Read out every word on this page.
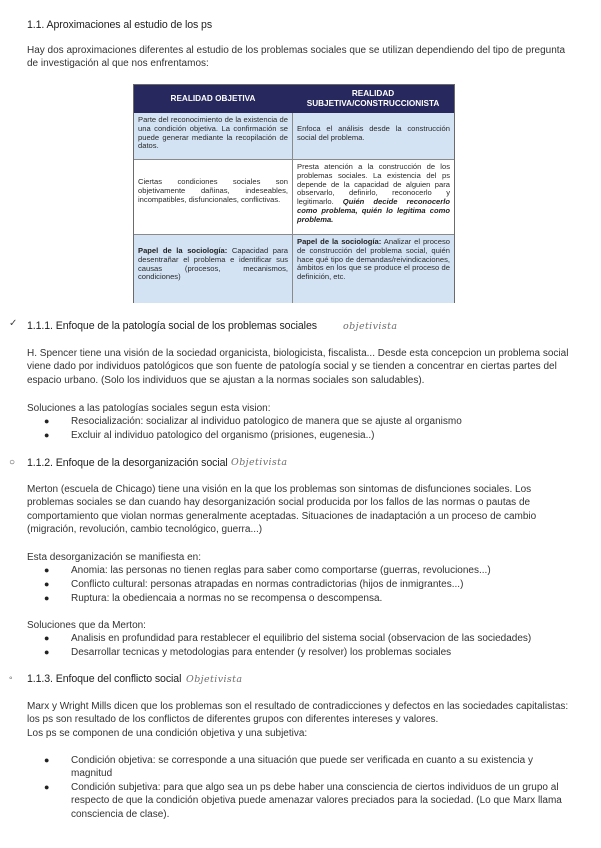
1.1. Aproximaciones al estudio de los ps
Hay dos aproximaciones diferentes al estudio de los problemas sociales que se utilizan dependiendo del tipo de pregunta de investigación al que nos enfrentamos:
REALIDAD OBJETIVA
REALIDAD
SUBJETIVA/CONSTRUCCIONISTA
Parte del reconocimiento de la existencia de una condición objetiva. La confirmación se puede generar mediante la recopilación de datos.
Enfoca el análisis desde la construcción social del problema.
Ciertas condiciones sociales son objetivamente dañinas, indeseables, incompatibles, disfuncionales, conflictivas.
Presta atención a la construcción de los problemas sociales. La existencia del ps depende de la capacidad de alguien para observarlo, definirlo, reconocerlo y legitimarlo. Quién decide reconocerlo como problema, quién lo legitima como problema.
Papel de la sociología: Capacidad para desentrañar el problema e identificar sus causas (procesos, mecanismos, condiciones)
Papel de la sociología: Analizar el proceso de construcción del problema social, quién hace qué tipo de demandas/reivindicaciones, ámbitos en los que se produce el proceso de definición, etc.
✓ 1.1.1. Enfoque de la patología social de los problemas sociales	objetivista
H. Spencer tiene una visión de la sociedad organicista, biologicista, fiscalista... Desde esta concepcion un problema social viene dado por individuos patológicos que son fuente de patología social y se tienden a concentrar en ciertas partes del espacio urbano. (Solo los individuos que se ajustan a la normas sociales son saludables).
Soluciones a las patologías sociales segun esta vision:
● Resocialización: socializar al individuo patologico de manera que se ajuste al organismo
● Excluir al individuo patologico del organismo (prisiones, eugenesia..)
○ 1.1.2. Enfoque de la desorganización social Objetivista
Merton (escuela de Chicago) tiene una visión en la que los problemas son sintomas de disfunciones sociales. Los problemas sociales se dan cuando hay desorganización social producida por los fallos de las normas o pautas de comportamiento que violan normas generalmente aceptadas. Situaciones de inadaptación a un proceso de cambio (migración, revolución, cambio tecnológico, guerra...)
Esta desorganización se manifiesta en:
● Anomia: las personas no tienen reglas para saber como comportarse (guerras, revoluciones...)
● Conflicto cultural: personas atrapadas en normas contradictorias (hijos de inmigrantes...)
● Ruptura: la obediencaia a normas no se recompensa o descompensa.
Soluciones que da Merton:
● Analisis en profundidad para restablecer el equilibrio del sistema social (observacion de las sociedades)
● Desarrollar tecnicas y metodologias para entender (y resolver) los problemas sociales
◦ 1.1.3. Enfoque del conflicto social Objetivista
Marx y Wright Mills dicen que los problemas son el resultado de contradicciones y defectos en las sociedades capitalistas: los ps son resultado de los conflictos de diferentes grupos con diferentes intereses y valores.
Los ps se componen de una condición objetiva y una subjetiva:
● Condición objetiva: se corresponde a una situación que puede ser verificada en cuanto a su existencia y magnitud
● Condición subjetiva: para que algo sea un ps debe haber una consciencia de ciertos individuos de un grupo al respecto de que la condición objetiva puede amenazar valores preciados para la sociedad. (Lo que Marx llama consciencia de clase).
